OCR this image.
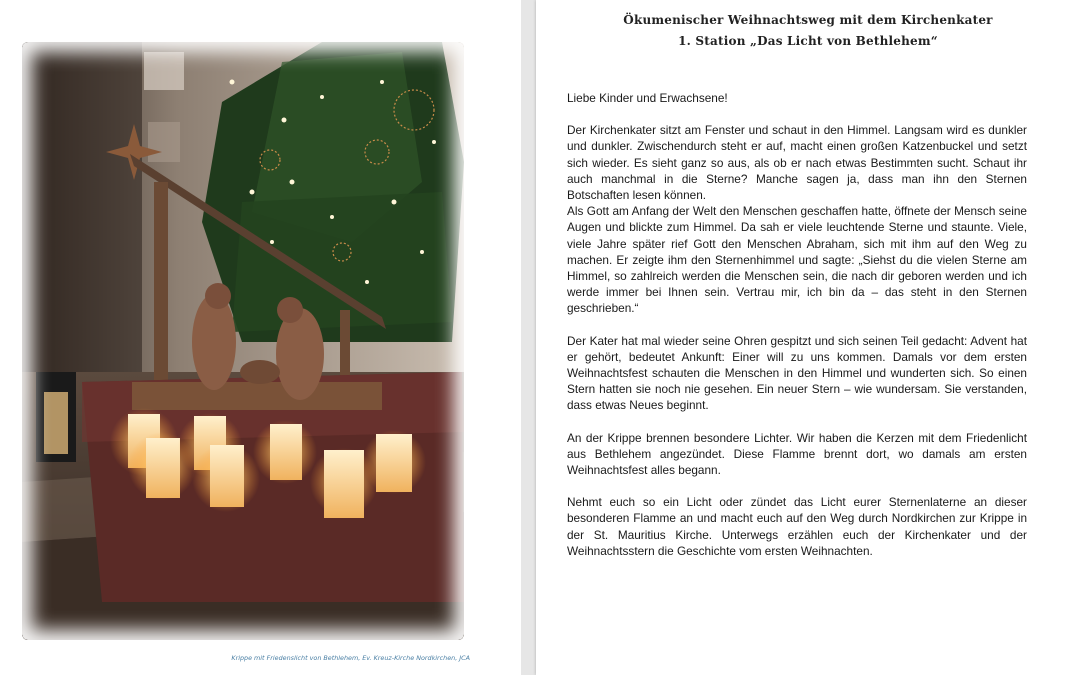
Krippe mit Friedenslicht von Bethlehem, Ev. Kreuz-Kirche Nordkirchen, JCA
Ökumenischer Weihnachtsweg mit dem Kirchenkater
1. Station „Das Licht von Bethlehem“

Liebe Kinder und Erwachsene!

Der Kirchenkater sitzt am Fenster und schaut in den Himmel. Langsam wird es dunkler und dunkler. Zwischendurch steht er auf, macht einen großen Katzenbuckel und setzt sich wieder. Es sieht ganz so aus, als ob er nach etwas Bestimmten sucht. Schaut ihr auch manchmal in die Sterne? Manche sagen ja, dass man ihn den Sternen Botschaften lesen können.

Als Gott am Anfang der Welt den Menschen geschaffen hatte, öffnete der Mensch seine Augen und blickte zum Himmel. Da sah er viele leuchtende Sterne und staunte. Viele, viele Jahre später rief Gott den Menschen Abraham, sich mit ihm auf den Weg zu machen. Er zeigte ihm den Sternenhimmel und sagte: „Siehst du die vielen Sterne am Himmel, so zahlreich werden die Menschen sein, die nach dir geboren werden und ich werde immer bei Ihnen sein. Vertrau mir, ich bin da – das steht in den Sternen geschrieben.“

Der Kater hat mal wieder seine Ohren gespitzt und sich seinen Teil gedacht: Advent hat er gehört, bedeutet Ankunft: Einer will zu uns kommen. Damals vor dem ersten Weihnachtsfest schauten die Menschen in den Himmel und wunderten sich. So einen Stern hatten sie noch nie gesehen. Ein neuer Stern – wie wundersam. Sie verstanden, dass etwas Neues beginnt.

An der Krippe brennen besondere Lichter. Wir haben die Kerzen mit dem Friedenlicht aus Bethlehem angezündet. Diese Flamme brennt dort, wo damals am ersten Weihnachtsfest alles begann.

Nehmt euch so ein Licht oder zündet das Licht eurer Sternenlaterne an dieser besonderen Flamme an und macht euch auf den Weg durch Nordkirchen zur Krippe in der St. Mauritius Kirche. Unterwegs erzählen euch der Kirchenkater und der Weihnachtsstern die Geschichte vom ersten Weihnachten.
